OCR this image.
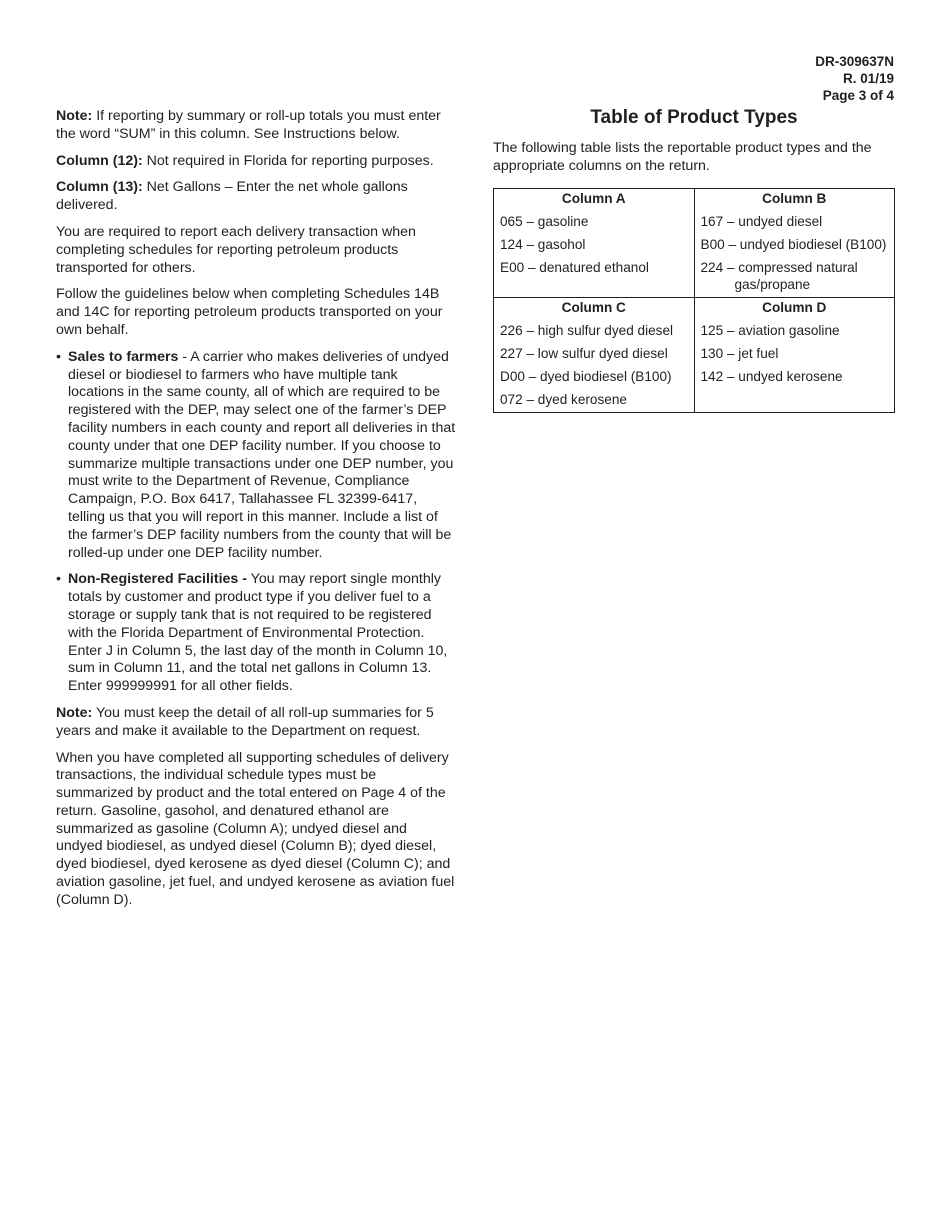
DR-309637N
R. 01/19
Page 3 of 4

Note: If reporting by summary or roll-up totals you must enter the word “SUM” in this column. See Instructions below.

Column (12): Not required in Florida for reporting purposes.

Column (13): Net Gallons – Enter the net whole gallons delivered.

You are required to report each delivery transaction when completing schedules for reporting petroleum products transported for others.

Follow the guidelines below when completing Schedules 14B and 14C for reporting petroleum products transported on your own behalf.

• Sales to farmers - A carrier who makes deliveries of undyed diesel or biodiesel to farmers who have multiple tank locations in the same county, all of which are required to be registered with the DEP, may select one of the farmer’s DEP facility numbers in each county and report all deliveries in that county under that one DEP facility number. If you choose to summarize multiple transactions under one DEP number, you must write to the Department of Revenue, Compliance Campaign, P.O. Box 6417, Tallahassee FL 32399-6417, telling us that you will report in this manner. Include a list of the farmer’s DEP facility numbers from the county that will be rolled-up under one DEP facility number.
• Non-Registered Facilities - You may report single monthly totals by customer and product type if you deliver fuel to a storage or supply tank that is not required to be registered with the Florida Department of Environmental Protection. Enter J in Column 5, the last day of the month in Column 10, sum in Column 11, and the total net gallons in Column 13. Enter 999999991 for all other fields.

Note: You must keep the detail of all roll-up summaries for 5 years and make it available to the Department on request.

When you have completed all supporting schedules of delivery transactions, the individual schedule types must be summarized by product and the total entered on Page 4 of the return. Gasoline, gasohol, and denatured ethanol are summarized as gasoline (Column A); undyed diesel and undyed biodiesel, as undyed diesel (Column B); dyed diesel, dyed biodiesel, dyed kerosene as dyed diesel (Column C); and aviation gasoline, jet fuel, and undyed kerosene as aviation fuel (Column D).

Table of Product Types

The following table lists the reportable product types and the appropriate columns on the return.

Column A	Column B
065 – gasoline	167 – undyed diesel
124 – gasohol	B00 – undyed biodiesel (B100)
E00 – denatured ethanol	224 – compressed natural
gas/propane

Column C	Column D
226 – high sulfur dyed diesel	125 – aviation gasoline
227 – low sulfur dyed diesel	130 – jet fuel
D00 – dyed biodiesel (B100)	142 – undyed kerosene
072 – dyed kerosene	
